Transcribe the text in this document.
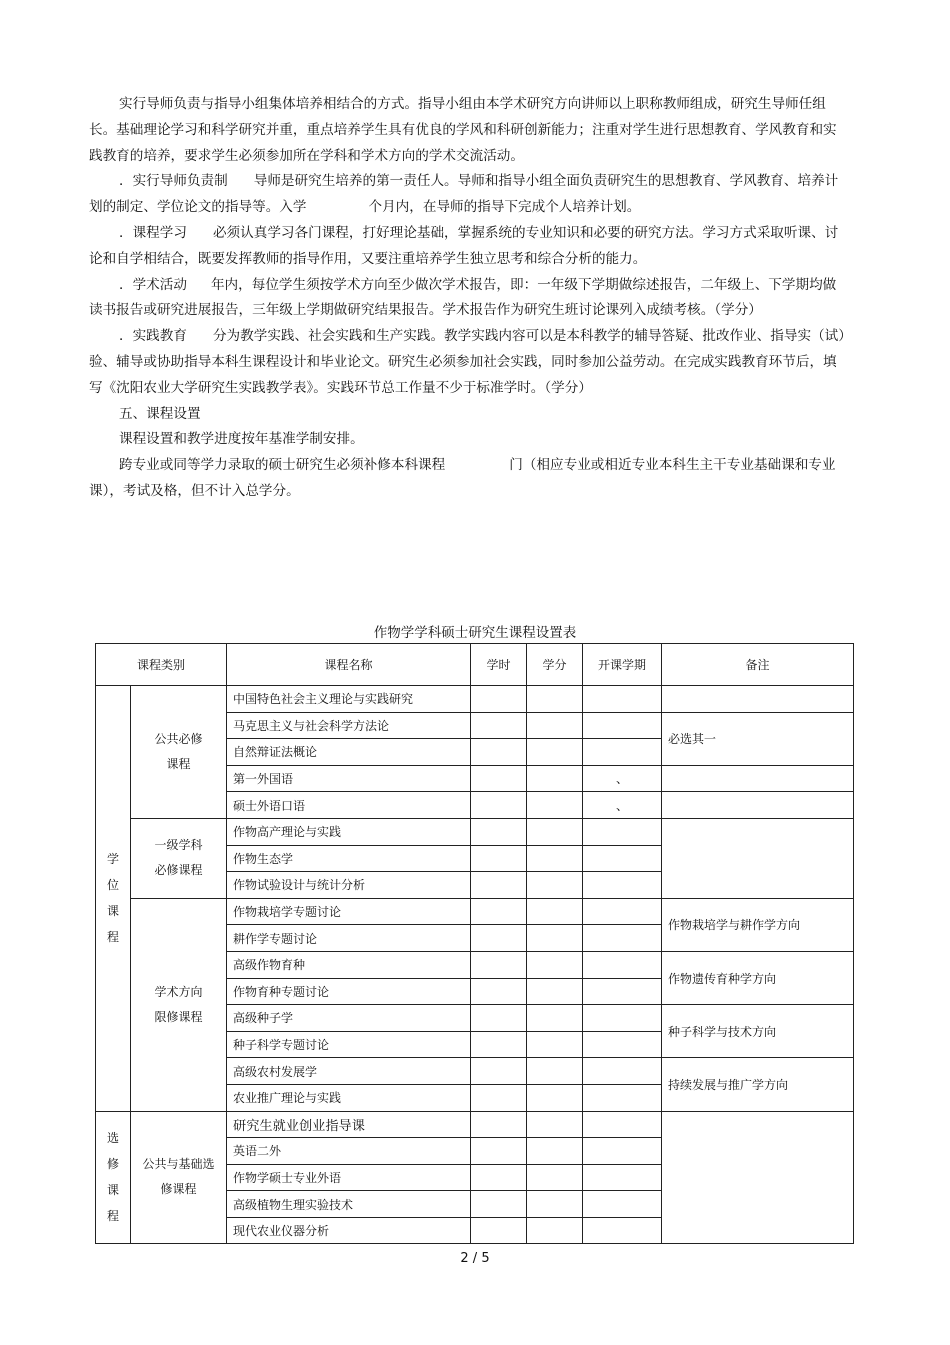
实行导师负责与指导小组集体培养相结合的方式。指导小组由本学术研究方向讲师以上职称教师组成，研究生导师任组长。基础理论学习和科学研究并重，重点培养学生具有优良的学风和科研创新能力；注重对学生进行思想教育、学风教育和实践教育的培养，要求学生必须参加所在学科和学术方向的学术交流活动。

．实行导师负责制 导师是研究生培养的第一责任人。导师和指导小组全面负责研究生的思想教育、学风教育、培养计划的制定、学位论文的指导等。入学	个月内，在导师的指导下完成个人培养计划。

．课程学习 必须认真学习各门课程，打好理论基础，掌握系统的专业知识和必要的研究方法。学习方式采取听课、讨论和自学相结合，既要发挥教师的指导作用，又要注重培养学生独立思考和综合分析的能力。

．学术活动 年内，每位学生须按学术方向至少做次学术报告，即：一年级下学期做综述报告，二年级上、下学期均做读书报告或研究进展报告，三年级上学期做研究结果报告。学术报告作为研究生班讨论课列入成绩考核。（学分）

．实践教育 分为教学实践、社会实践和生产实践。教学实践内容可以是本科教学的辅导答疑、批改作业、指导实（试）验、辅导或协助指导本科生课程设计和毕业论文。研究生必须参加社会实践，同时参加公益劳动。在完成实践教育环节后，填写《沈阳农业大学研究生实践教学表》。实践环节总工作量不少于标准学时。（学分）

五、课程设置

课程设置和教学进度按年基准学制安排。

跨专业或同等学力录取的硕士研究生必须补修本科课程	门（相应专业或相近专业本科生主干专业基础课和专业课），考试及格，但不计入总学分。

作物学学科硕士研究生课程设置表
课程类别		课程名称	学时	学分	开课学期	备注
学位课程	公共必修课程	中国特色社会主义理论与实践研究				
		马克思主义与社会科学方法论				必选其一
		自然辩证法概论				
		第一外国语			、	
		硕士外语口语			、	
	一级学科必修课程	作物高产理论与实践				
		作物生态学				
		作物试验设计与统计分析				
	学术方向限修课程	作物栽培学专题讨论				作物栽培学与耕作学方向
		耕作学专题讨论				
		高级作物育种				作物遗传育种学方向
		作物育种专题讨论				
		高级种子学				种子科学与技术方向
		种子科学专题讨论				
		高级农村发展学				持续发展与推广学方向
		农业推广理论与实践				
选修课程	公共与基础选修课程	研究生就业创业指导课				
		英语二外				
		作物学硕士专业外语				
		高级植物生理实验技术				
		现代农业仪器分析				
2 / 5
